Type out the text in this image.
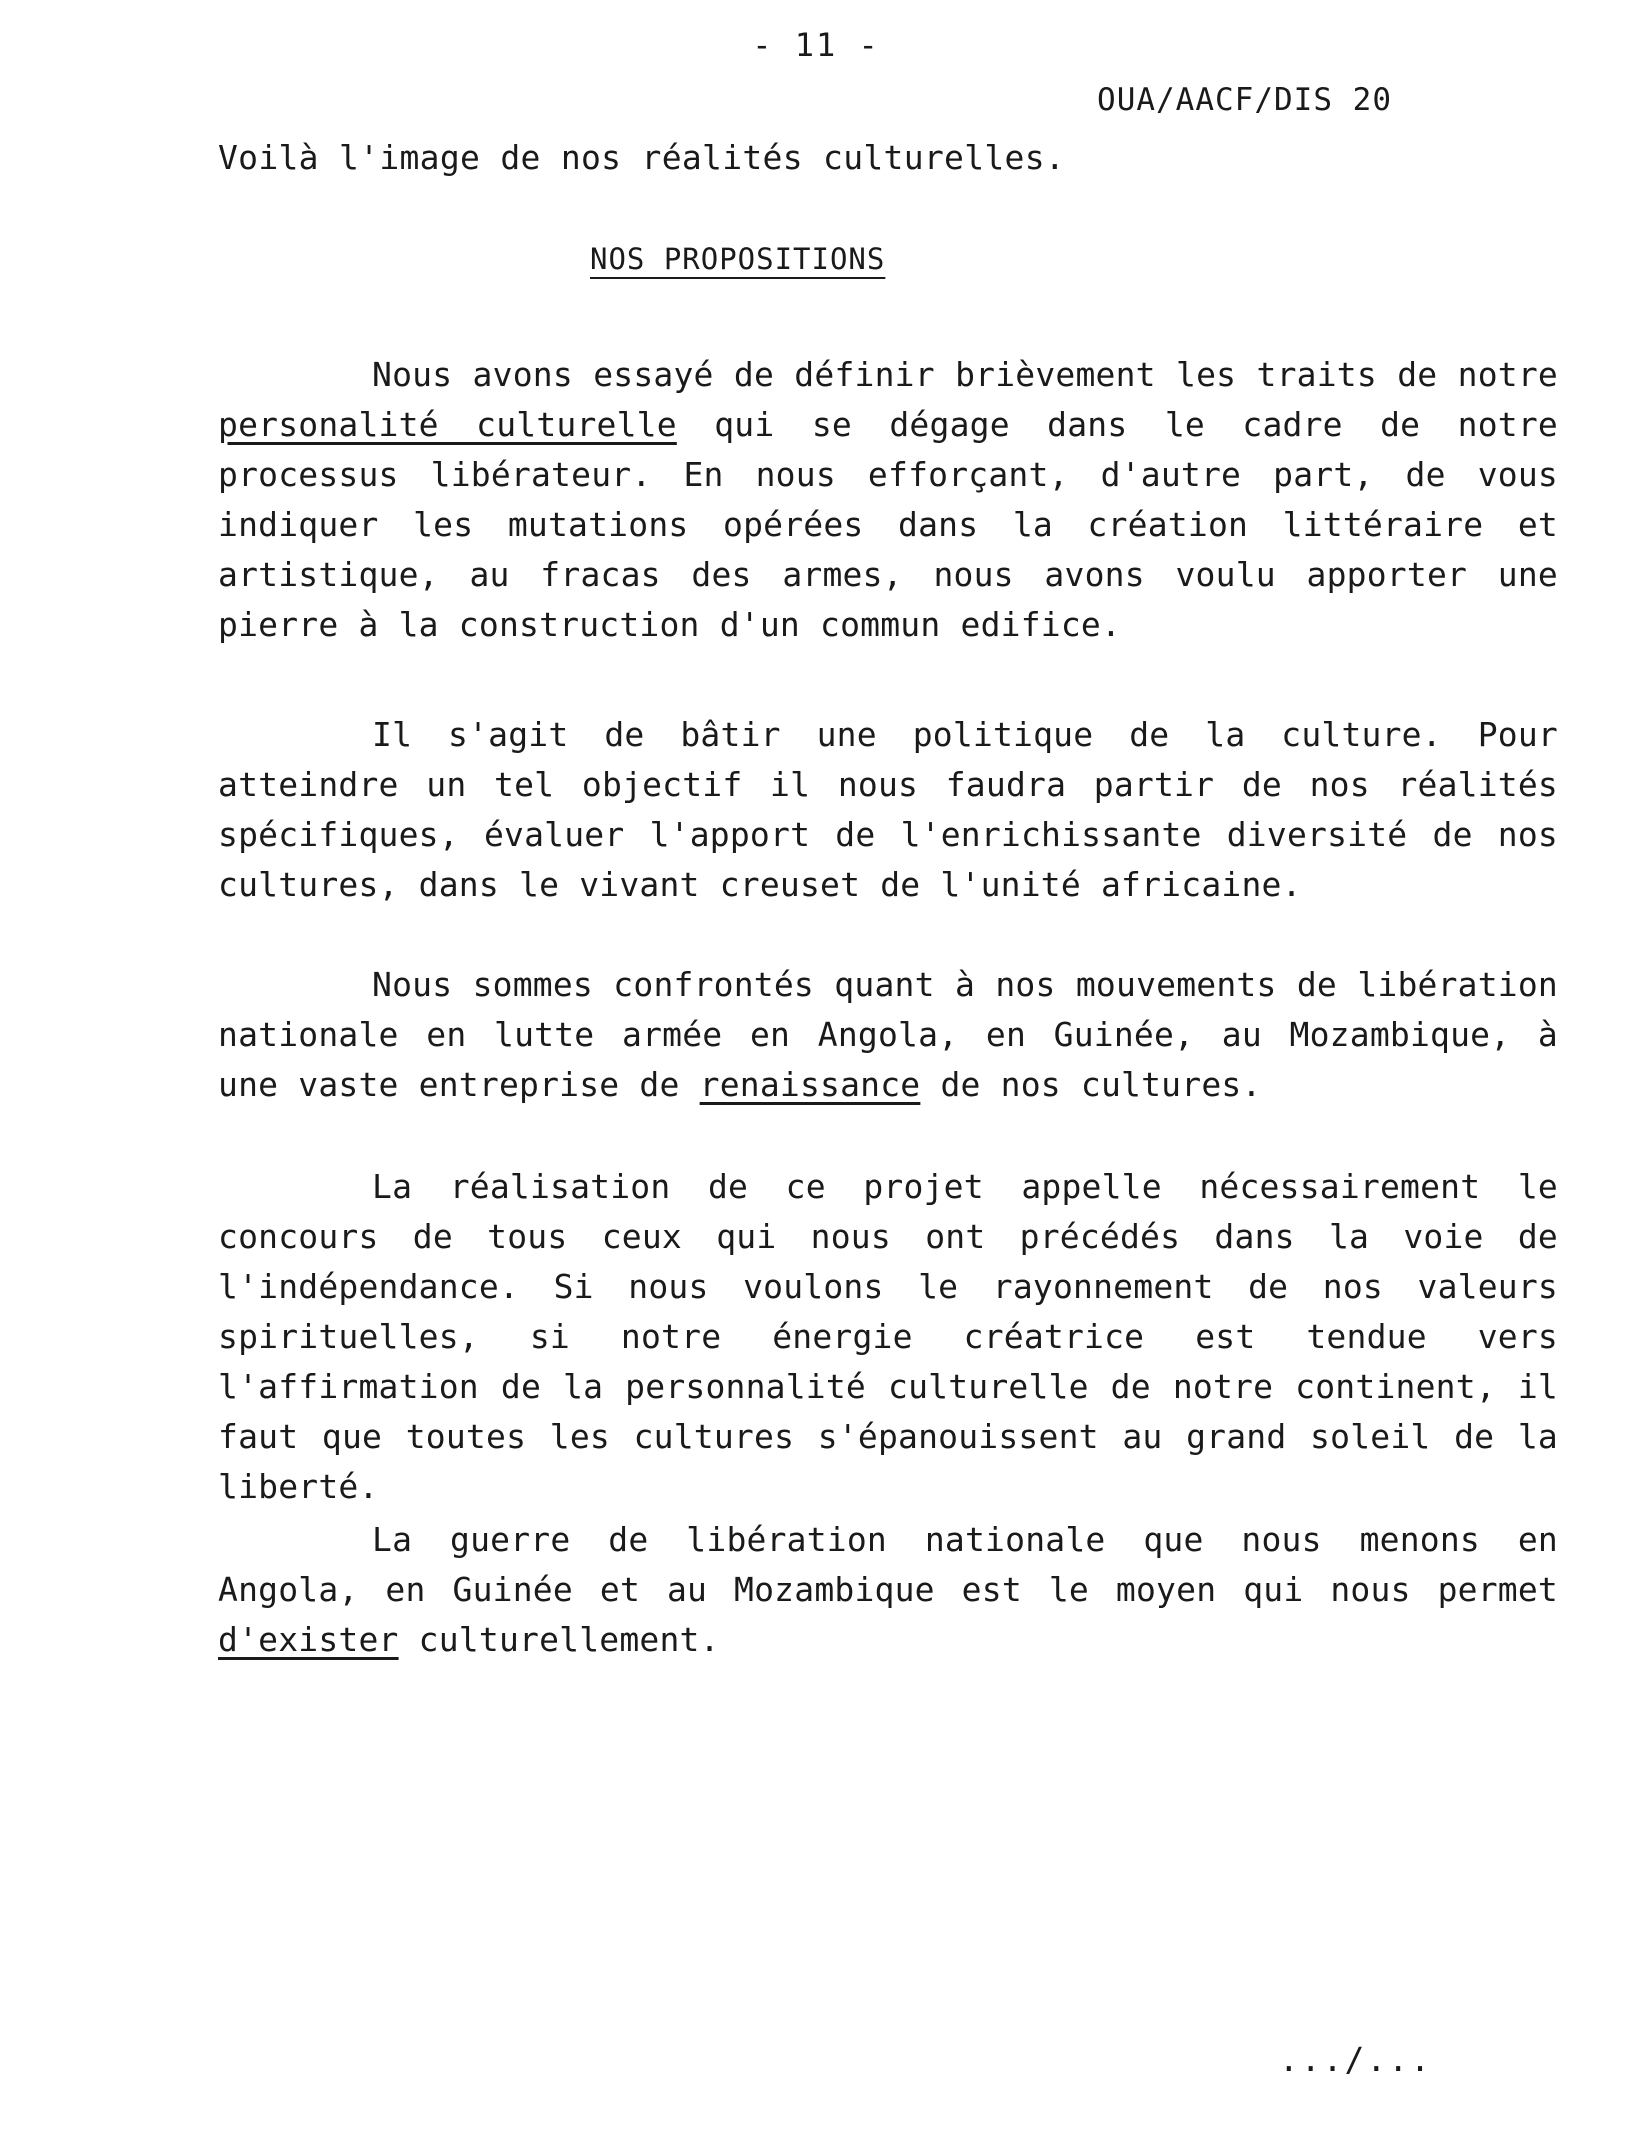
- 11 -
OUA/AACF/DIS 20
Voilà l'image de nos réalités culturelles.
NOS PROPOSITIONS

Nous avons essayé de définir brièvement les traits de notre personalité culturelle qui se dégage dans le cadre de notre processus libérateur. En nous efforçant, d'autre part, de vous indiquer les mutations opérées dans la création littéraire et artistique, au fracas des armes, nous avons voulu apporter une pierre à la construction d'un commun edifice.

Il s'agit de bâtir une politique de la culture. Pour atteindre un tel objectif il nous faudra partir de nos réalités spécifiques, évaluer l'apport de l'enrichissante diversité de nos cultures, dans le vivant creuset de l'unité africaine.

Nous sommes confrontés quant à nos mouvements de libération nationale en lutte armée en Angola, en Guinée, au Mozambique, à une vaste entreprise de renaissance de nos cultures.

La réalisation de ce projet appelle nécessairement le concours de tous ceux qui nous ont précédés dans la voie de l'indépendance. Si nous voulons le rayonnement de nos valeurs spirituelles, si notre énergie créatrice est tendue vers l'affirmation de la personnalité culturelle de notre continent, il faut que toutes les cultures s'épanouissent au grand soleil de la liberté.

La guerre de libération nationale que nous menons en Angola, en Guinée et au Mozambique est le moyen qui nous permet d'exister culturellement.

.../...
